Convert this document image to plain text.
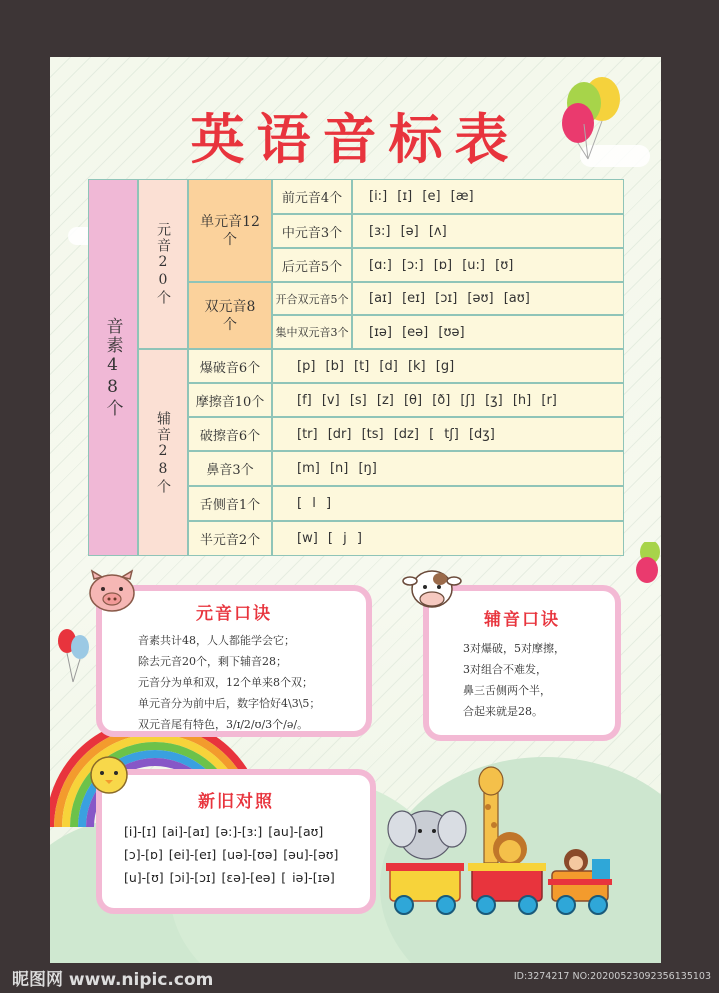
英语音标表
音素48个
元音20个
辅音28个
单元音12个
双元音8个
前元音4个	[i:] [ɪ] [e] [æ]
中元音3个	[ɜ:] [ə] [ʌ]
后元音5个	[ɑ:] [ɔ:] [ɒ] [u:] [ʊ]
开合双元音5个	[aɪ] [eɪ] [ɔɪ] [əʊ] [aʊ]
集中双元音3个	[ɪə] [eə] [ʊə]
爆破音6个	[p] [b] [t] [d] [k] [g]
摩擦音10个	[f] [v] [s] [z] [θ] [ð] [ʃ] [ʒ] [h] [r]
破擦音6个	[tr] [dr] [ts] [dz] [ tʃ] [dʒ]
鼻音3个	[m] [n] [ŋ]
舌侧音1个	[ l ]
半元音2个	[w] [ j ]
元音口诀
音素共计48，人人都能学会它；
除去元音20个，剩下辅音28；
元音分为单和双，12个单来8个双；
单元音分为前中后，数字恰好4\3\5；
双元音尾有特色，3/ɪ/2/ʊ/3个/ə/。
辅音口诀
3对爆破，5对摩擦，
3对组合不难发，
鼻三舌侧两个半，
合起来就是28。
新旧对照
[i]-[ɪ] [ai]-[aɪ] [ə:]-[ɜ:] [au]-[aʊ]
[ɔ]-[ɒ] [ei]-[eɪ] [uə]-[ʊə] [əu]-[əʊ]
[u]-[ʊ] [ɔi]-[ɔɪ] [ɛə]-[eə] [ iə]-[ɪə]
昵图网 www.nipic.com	ID:3274217 NO:20200523092356135103
